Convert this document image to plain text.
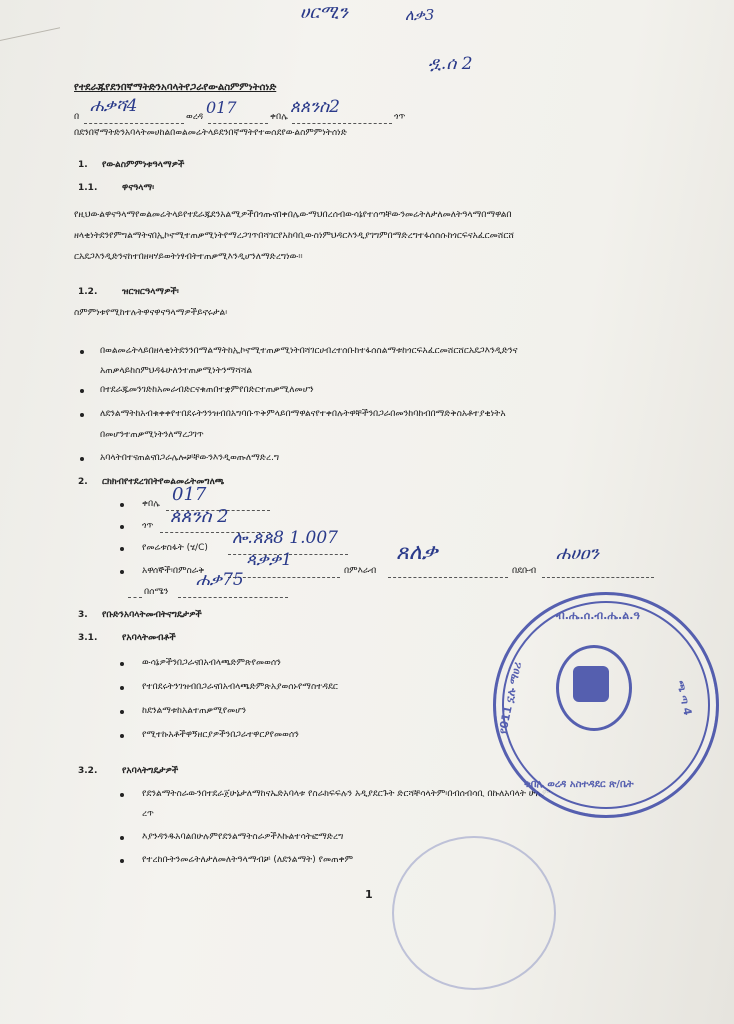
ሀርሚን	ለቃ3
ዷ.ሰ 2
የተደራጁየደንበኛማትድንአባላትየጋራየውልስምምነትሰነድ
በ
ሐቃሻ4
ወረዳ 017	ቀበሌ ጰጰንስ2	ጎጥ
በደንበኛማትድንአባላትመሀከልበወልመሬትላይደንበኛማትየተወሰደየውልስምምነትሰነድ
1. የውልስምምነቱዓላማዎች
1.1.	ዋናዓላማ፡
የዚህውልዋናዓላማየወልመሬትላይየተደራጁደንአልሚዎችበጎጡናበቀበሌውማህበረሰብውሳኔየተሰጣቸውንመሬትለታለመለትዓላማበማዋልበ
ዘላቂነትደንየምግልማትናበኢኮኖሚተጠቃሚነትየማረጋገጥበሻገርየአከባቢውስነምህዳርእንዲያገግምበማድረግተፋሰስሱከጎርፍናአፈርመሸርሸ
ርአደጋእንዲድንናከተበዘዛሃይወትነፃብትተጠቃሚእንዲሆንለማድረግነው።
1.2.	ዝርዝርዓላማዎች፡
ስምምነቱየሚከተሉትዋናዋናዓላማዎችይኖሩታል፡
በወልመሬትላይበዘላቂነትደንንበማልማትከኢኮኖሚተጠቃሚነትበሻገርሀብረተሰቡከተፋሰስልማቱከጎርፍአፈርመሸርሸርአደጋእንዲድንና
አጠቃላይከስምህዳፋሁለንተጠቃሚነትንማሻሻል
በተደራጁመንገድከአመራብድርናቁጠበተቋምየበድርተጠቃሚለመሆን
ለደንልማትከአብቁቀቀየተበደሩትንንዝብበአግባቡጥቅምላይበማዋልናየተቀበሉትዋቸችንበጋራበመንከባከብበማድቅስአቶተያቂነትአ
በመሆንተጠቃሚነትንለማረጋገጥ
አባላትበተናጠልናበጋራሌሎቻቸውንእንዲወጡለማድረ.ግ
2. ርክክብየተደረገበትየወልመሬትመግለጫ
ቀበሌ 017
ጎጥ ጰጰንስ 2
የመሬቱስፋት (ሄ/C) ሎ.ጰጰ8 1.007
አዋሰኞች፡በምስራቅ
ጳቃቃ1
በምእራብ
ጸለቃ
በደቡብ
ሐሀዐን
በሰሜን
ሐቃ75
3. የቡድንአባላትመብትናግዴታዎች
3.1.	የአባላትመብቶች
ውሳኔዎችንበጋራናበአብላጫድምጽየመወሰን
የተበደሩትንገዝብበጋራናበአብላጫድምጽአያወሰኑየማስተዳደር
ከደንልማቱከአልተጠቃሚየመሆን
የሚተኩአቶችዋኝዘርያዎችንበጋራተዋርዖየመወሰን
3.2.	የአባላትግዴታዎች
የደንልማትስራውንበተደራጀሁኔታለማከናኤድአባላቱ የስራክፍፍሉን አዲያደርጉት ድርሻቸሳላትም፡በብሰብሳቢ በኩለአባላት ሁሉም
ረጥ
እያንዳንዱአባልበሁሉምየደንልማትስራዎችእኩልተሳትፎማድረግ
የተረከቡትንመሬትለታለመለትዓላማብቻ (ለደንልማት) የመጠቀም
ብ.ሔ.ሰ.ብ.ሔ.ል.ዓ
የ011 ኗሉ ማሀሪ	ጫ ጣ 4
ቀበሌ ወረዳ አስተዳደር ጽ/ቤት
1
